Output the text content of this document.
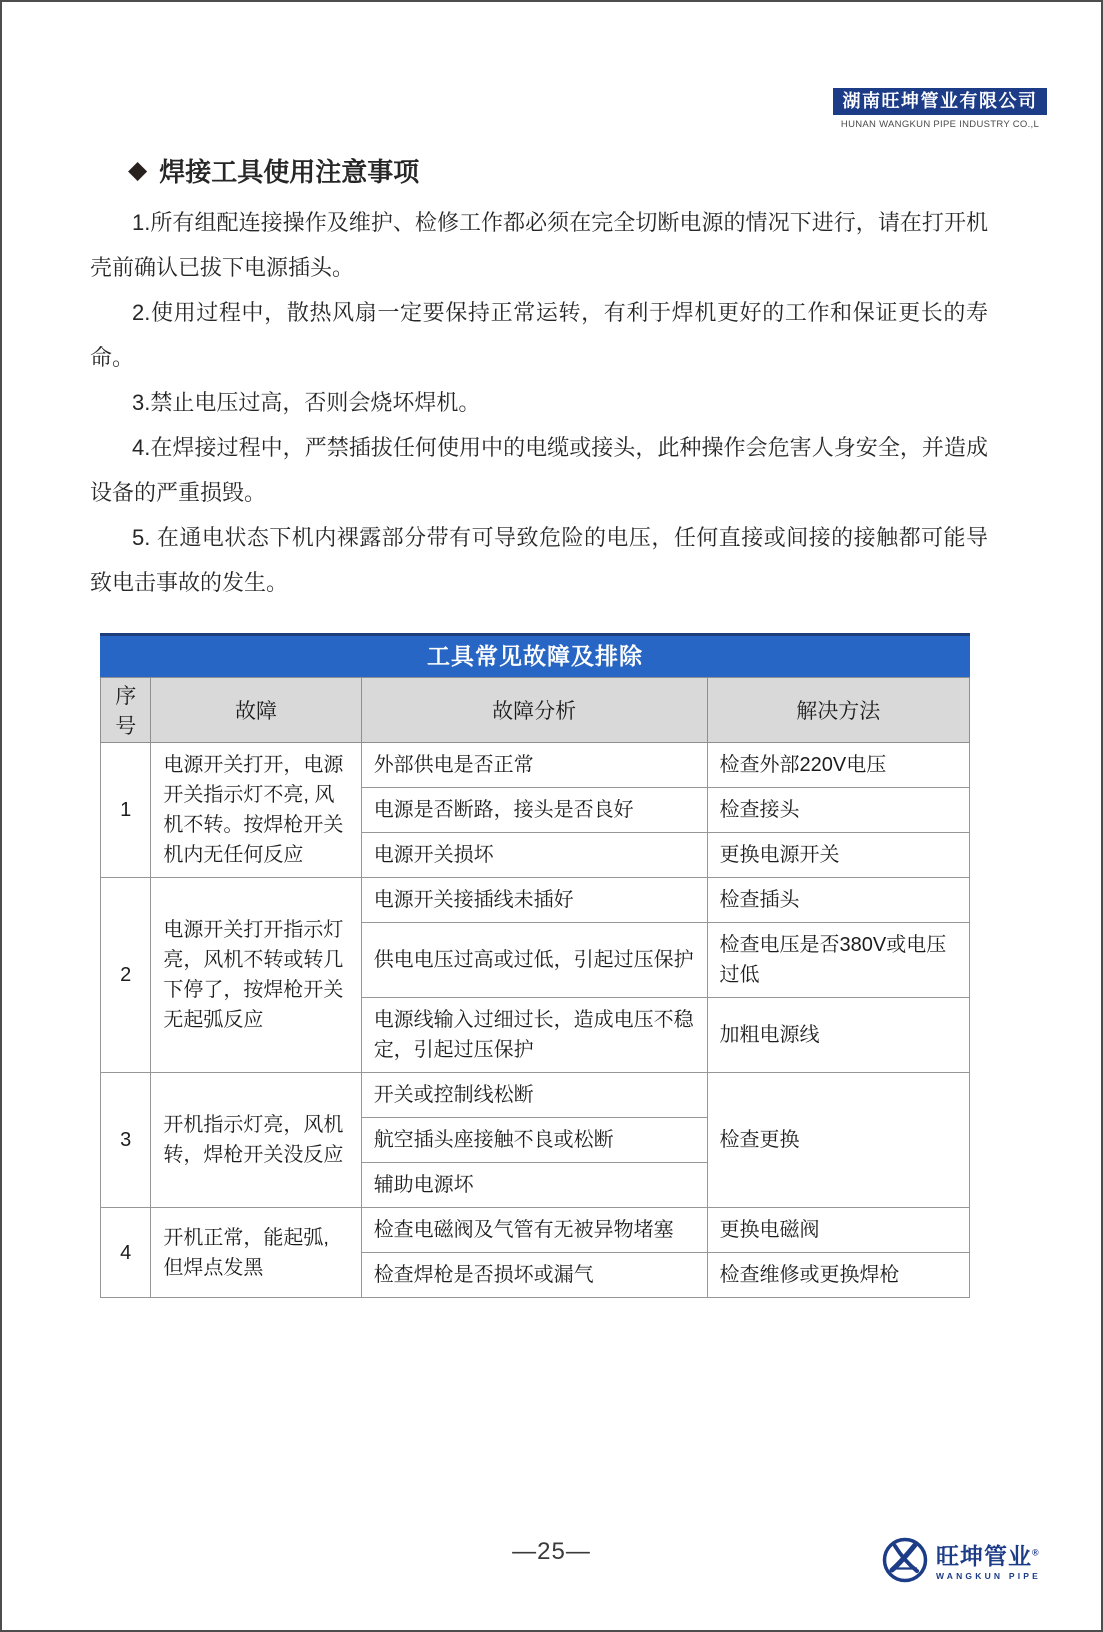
湖南旺坤管业有限公司
HUNAN WANGKUN PIPE INDUSTRY CO.,L
◆ 焊接工具使用注意事项

1.所有组配连接操作及维护、检修工作都必须在完全切断电源的情况下进行，请在打开机壳前确认已拔下电源插头。

2.使用过程中，散热风扇一定要保持正常运转，有利于焊机更好的工作和保证更长的寿命。

3.禁止电压过高，否则会烧坏焊机。

4.在焊接过程中，严禁插拔任何使用中的电缆或接头，此种操作会危害人身安全，并造成设备的严重损毁。

5. 在通电状态下机内裸露部分带有可导致危险的电压，任何直接或间接的接触都可能导致电击事故的发生。

工具常见故障及排除
序号	故障	故障分析	解决方法
1	电源开关打开，电源开关指示灯不亮, 风机不转。按焊枪开关机内无任何反应	外部供电是否正常	检查外部220V电压
		电源是否断路，接头是否良好	检查接头
		电源开关损坏	更换电源开关
2	电源开关打开指示灯亮，风机不转或转几下停了，按焊枪开关无起弧反应	电源开关接插线未插好	检查插头
		供电电压过高或过低，引起过压保护	检查电压是否380V或电压过低
		电源线输入过细过长，造成电压不稳定，引起过压保护	加粗电源线
3	开机指示灯亮，风机转，焊枪开关没反应	开关或控制线松断	检查更换
		航空插头座接触不良或松断	
		辅助电源坏	
4	开机正常，能起弧,但焊点发黑	检查电磁阀及气管有无被异物堵塞	更换电磁阀
		检查焊枪是否损坏或漏气	检查维修或更换焊枪
—25—	旺坤管业®
WANGKUN PIPE
